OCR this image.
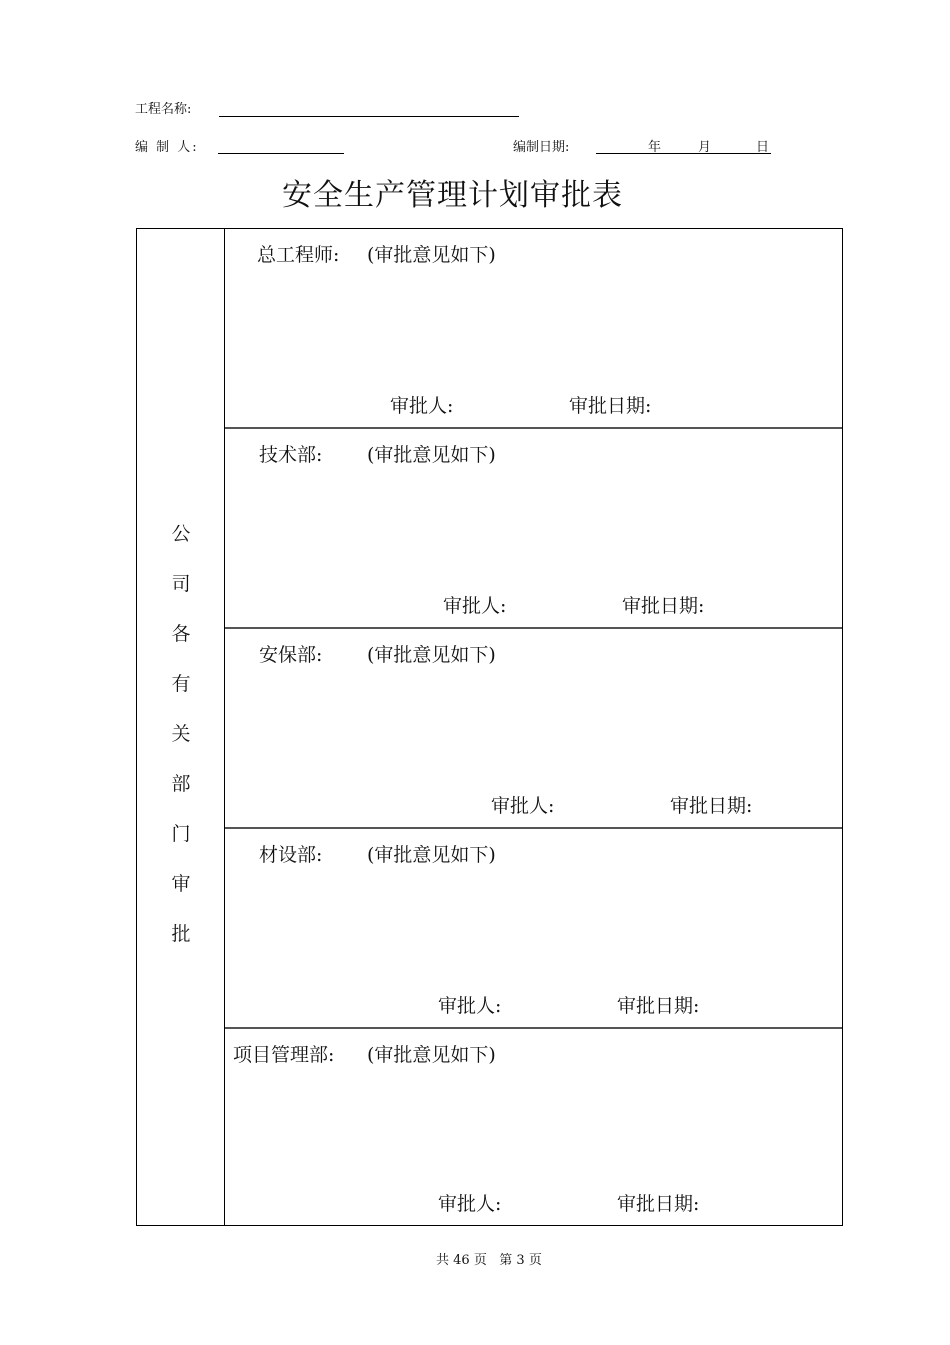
工程名称:
编 制 人:	编制日期:	年	月	日
安全生产管理计划审批表
公
司
各
有
关
部
门
审
批
总工程师: (审批意见如下)
审批人:	审批日期:
技术部: (审批意见如下)
审批人:	审批日期:
安保部: (审批意见如下)
审批人:	审批日期:
材设部: (审批意见如下)
审批人:	审批日期:
项目管理部: (审批意见如下)
审批人:	审批日期:
共 46 页 第 3 页
